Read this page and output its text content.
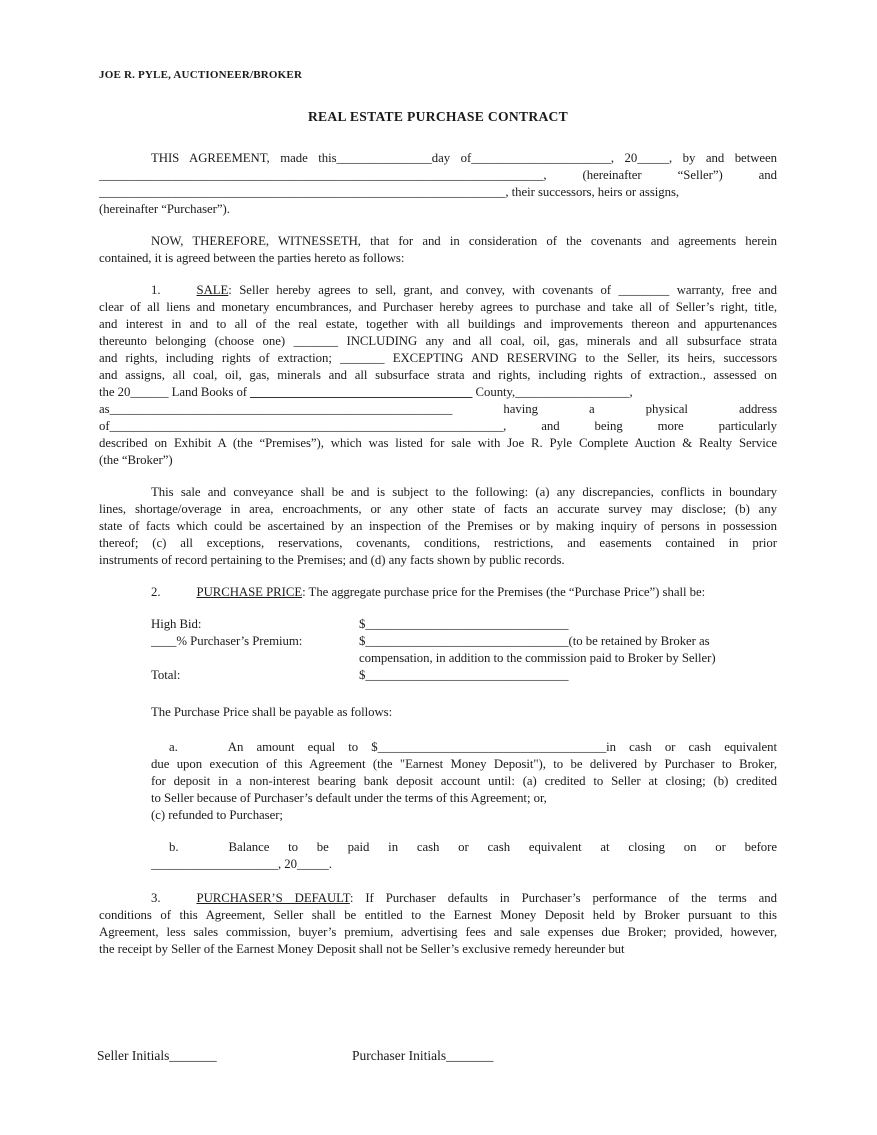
JOE R. PYLE, AUCTIONEER/BROKER
REAL ESTATE PURCHASE CONTRACT
THIS AGREEMENT, made this_______________day of______________________, 20_____, by and between
______________________________________________________________________, (hereinafter “Seller”) and
________________________________________________________________, their successors, heirs or assigns,
(hereinafter “Purchaser”).
NOW, THEREFORE, WITNESSETH, that for and in consideration of the covenants and agreements herein
contained, it is agreed between the parties hereto as follows:
1.	SALE: Seller hereby agrees to sell, grant, and convey, with covenants of ________ warranty, free and
clear of all liens and monetary encumbrances, and Purchaser hereby agrees to purchase and take all of Seller’s right, title,
and interest in and to all of the real estate, together with all buildings and improvements thereon and appurtenances
thereunto belonging (choose one) _______ INCLUDING any and all coal, oil, gas, minerals and all subsurface strata
and rights, including rights of extraction; _______ EXCEPTING AND RESERVING to the Seller, its heirs, successors
and assigns, all coal, oil, gas, minerals and all subsurface strata and rights, including rights of extraction., assessed on
the 20______ Land Books of ___________________________________ County,__________________,
as______________________________________________________ having a physical address
of______________________________________________________________, and being more particularly
described on Exhibit A (the “Premises”), which was listed for sale with Joe R. Pyle Complete Auction & Realty Service
(the “Broker”)
This sale and conveyance shall be and is subject to the following: (a) any discrepancies, conflicts in boundary
lines, shortage/overage in area, encroachments, or any other state of facts an accurate survey may disclose; (b) any
state of facts which could be ascertained by an inspection of the Premises or by making inquiry of persons in possession
thereof; (c) all exceptions, reservations, covenants, conditions, restrictions, and easements contained in prior
instruments of record pertaining to the Premises; and (d) any facts shown by public records.
2.	PURCHASE PRICE: The aggregate purchase price for the Premises (the “Purchase Price”) shall be:
High Bid:	$________________________________
____% Purchaser’s Premium:	$________________________________(to be retained by Broker as
compensation, in addition to the commission paid to Broker by Seller)
Total:	$________________________________
The Purchase Price shall be payable as follows:
a.	An amount equal to $____________________________________in cash or cash equivalent
due upon execution of this Agreement (the "Earnest Money Deposit"), to be delivered by Purchaser to Broker,
for deposit in a non-interest bearing bank deposit account until: (a) credited to Seller at closing; (b) credited
to Seller because of Purchaser’s default under the terms of this Agreement; or,
(c) refunded to Purchaser;
b.	Balance to be paid in cash or cash equivalent at closing on or before
____________________, 20_____.
3.	PURCHASER’S DEFAULT: If Purchaser defaults in Purchaser’s performance of the terms and
conditions of this Agreement, Seller shall be entitled to the Earnest Money Deposit held by Broker pursuant to this
Agreement, less sales commission, buyer’s premium, advertising fees and sale expenses due Broker; provided, however,
the receipt by Seller of the Earnest Money Deposit shall not be Seller’s exclusive remedy hereunder but
Seller Initials_______	Purchaser Initials_______
